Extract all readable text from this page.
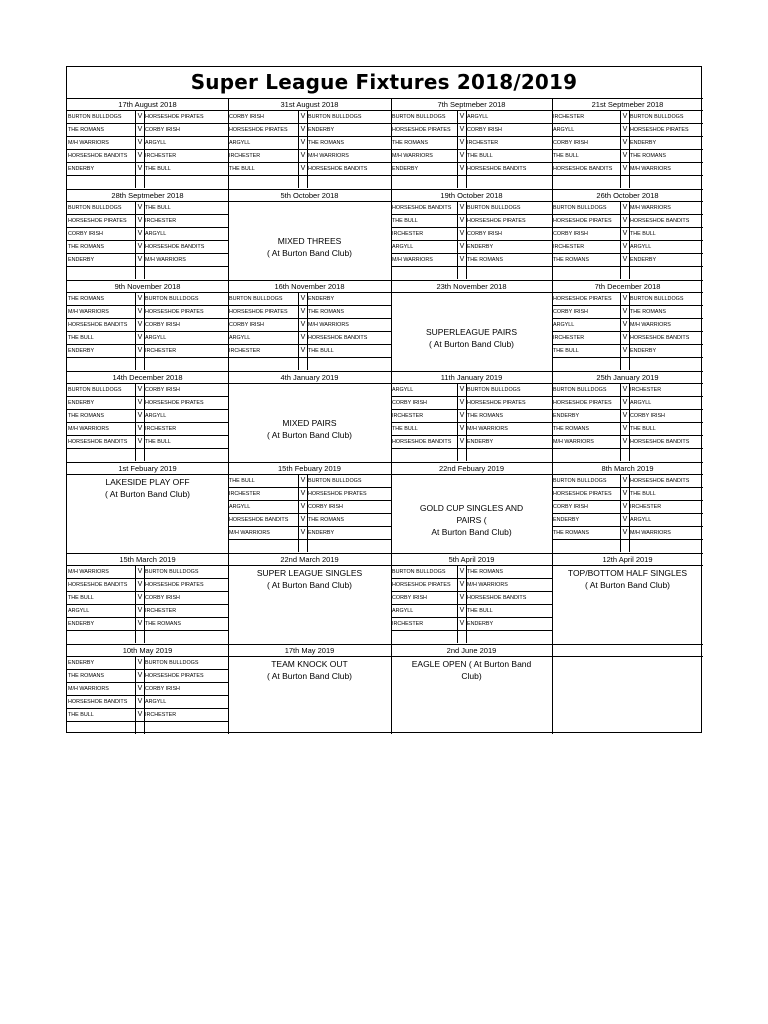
Super League Fixtures 2018/2019
17th August 2018
BURTON BULLDOGS	V HORSESHOE PIRATES
THE ROMANS	V CORBY IRISH
M/H WARRIORS	V ARGYLL
HORSESHOE BANDITS	V IRCHESTER
ENDERBY	V THE BULL
31st August 2018
CORBY IRISH	V BURTON BULLDOGS
HORSESHOE PIRATES	V ENDERBY
ARGYLL	V THE ROMANS
IRCHESTER	V M/H WARRIORS
THE BULL	V HORSESHOE BANDITS
7th Septmeber 2018
BURTON BULLDOGS	V ARGYLL
HORSESHOE PIRATES	V CORBY IRISH
THE ROMANS	V IRCHESTER
M/H WARRIORS	V THE BULL
ENDERBY	V HORSESHOE BANDITS
21st Septmeber 2018
IRCHESTER	V BURTON BULLDOGS
ARGYLL	V HORSESHOE PIRATES
CORBY IRISH	V ENDERBY
THE BULL	V THE ROMANS
HORSESHOE BANDITS	V M/H WARRIORS
28th Septmeber 2018
BURTON BULLDOGS	V THE BULL
HORSESHOE PIRATES	V IRCHESTER
CORBY IRISH	V ARGYLL
THE ROMANS	V HORSESHOE BANDITS
ENDERBY	V M/H WARRIORS
5th October 2018
MIXED THREES
( At Burton Band Club)
19th October 2018
HORSESHOE BANDITS	V BURTON BULLDOGS
THE BULL	V HORSESHOE PIRATES
IRCHESTER	V CORBY IRISH
ARGYLL	V ENDERBY
M/H WARRIORS	V THE ROMANS
26th October 2018
BURTON BULLDOGS	V M/H WARRIORS
HORSESHOE PIRATES	V HORSESHOE BANDITS
CORBY IRISH	V THE BULL
IRCHESTER	V ARGYLL
THE ROMANS	V ENDERBY
9th November 2018
THE ROMANS	V BURTON BULLDOGS
M/H WARRIORS	V HORSESHOE PIRATES
HORSESHOE BANDITS	V CORBY IRISH
THE BULL	V ARGYLL
ENDERBY	V IRCHESTER
16th November 2018
BURTON BULLDOGS	V ENDERBY
HORSESHOE PIRATES	V THE ROMANS
CORBY IRISH	V M/H WARRIORS
ARGYLL	V HORSESHOE BANDITS
IRCHESTER	V THE BULL
23th November 2018
SUPERLEAGUE PAIRS
( At Burton Band Club)
7th December 2018
HORSESHOE PIRATES	V BURTON BULLDOGS
CORBY IRISH	V THE ROMANS
ARGYLL	V M/H WARRIORS
IRCHESTER	V HORSESHOE BANDITS
THE BULL	V ENDERBY
14th December 2018
BURTON BULLDOGS	V CORBY IRISH
ENDERBY	V HORSESHOE PIRATES
THE ROMANS	V ARGYLL
M/H WARRIORS	V IRCHESTER
HORSESHOE BANDITS	V THE BULL
4th January 2019
MIXED PAIRS
( At Burton Band Club)
11th January 2019
ARGYLL	V BURTON BULLDOGS
CORBY IRISH	V HORSESHOE PIRATES
IRCHESTER	V THE ROMANS
THE BULL	V M/H WARRIORS
HORSESHOE BANDITS	V ENDERBY
25th January 2019
BURTON BULLDOGS	V IRCHESTER
HORSESHOE PIRATES	V ARGYLL
ENDERBY	V CORBY IRISH
THE ROMANS	V THE BULL
M/H WARRIORS	V HORSESHOE BANDITS
1st Febuary 2019
LAKESIDE PLAY OFF
( At Burton Band Club)
15th Febuary 2019
THE BULL	V BURTON BULLDOGS
IRCHESTER	V HORSESHOE PIRATES
ARGYLL	V CORBY IRISH
HORSESHOE BANDITS	V THE ROMANS
M/H WARRIORS	V ENDERBY
22nd Febuary 2019
GOLD CUP SINGLES AND
PAIRS (
At Burton Band Club)
8th March 2019
BURTON BULLDOGS	V HORSESHOE BANDITS
HORSESHOE PIRATES	V THE BULL
CORBY IRISH	V IRCHESTER
ENDERBY	V ARGYLL
THE ROMANS	V M/H WARRIORS
15th March 2019
M/H WARRIORS	V BURTON BULLDOGS
HORSESHOE BANDITS	V HORSESHOE PIRATES
THE BULL	V CORBY IRISH
ARGYLL	V IRCHESTER
ENDERBY	V THE ROMANS
22nd March 2019
SUPER LEAGUE SINGLES
( At Burton Band Club)
5th April 2019
BURTON BULLDOGS	V THE ROMANS
HORSESHOE PIRATES	V M/H WARRIORS
CORBY IRISH	V HORSESHOE BANDITS
ARGYLL	V THE BULL
IRCHESTER	V ENDERBY
12th April 2019
TOP/BOTTOM HALF SINGLES
( At Burton Band Club)
10th May 2019
ENDERBY	V BURTON BULLDOGS
THE ROMANS	V HORSESHOE PIRATES
M/H WARRIORS	V CORBY IRISH
HORSESHOE BANDITS	V ARGYLL
THE BULL	V IRCHESTER
17th May 2019
TEAM KNOCK OUT
( At Burton Band Club)
2nd June 2019
EAGLE OPEN ( At Burton Band
Club)
